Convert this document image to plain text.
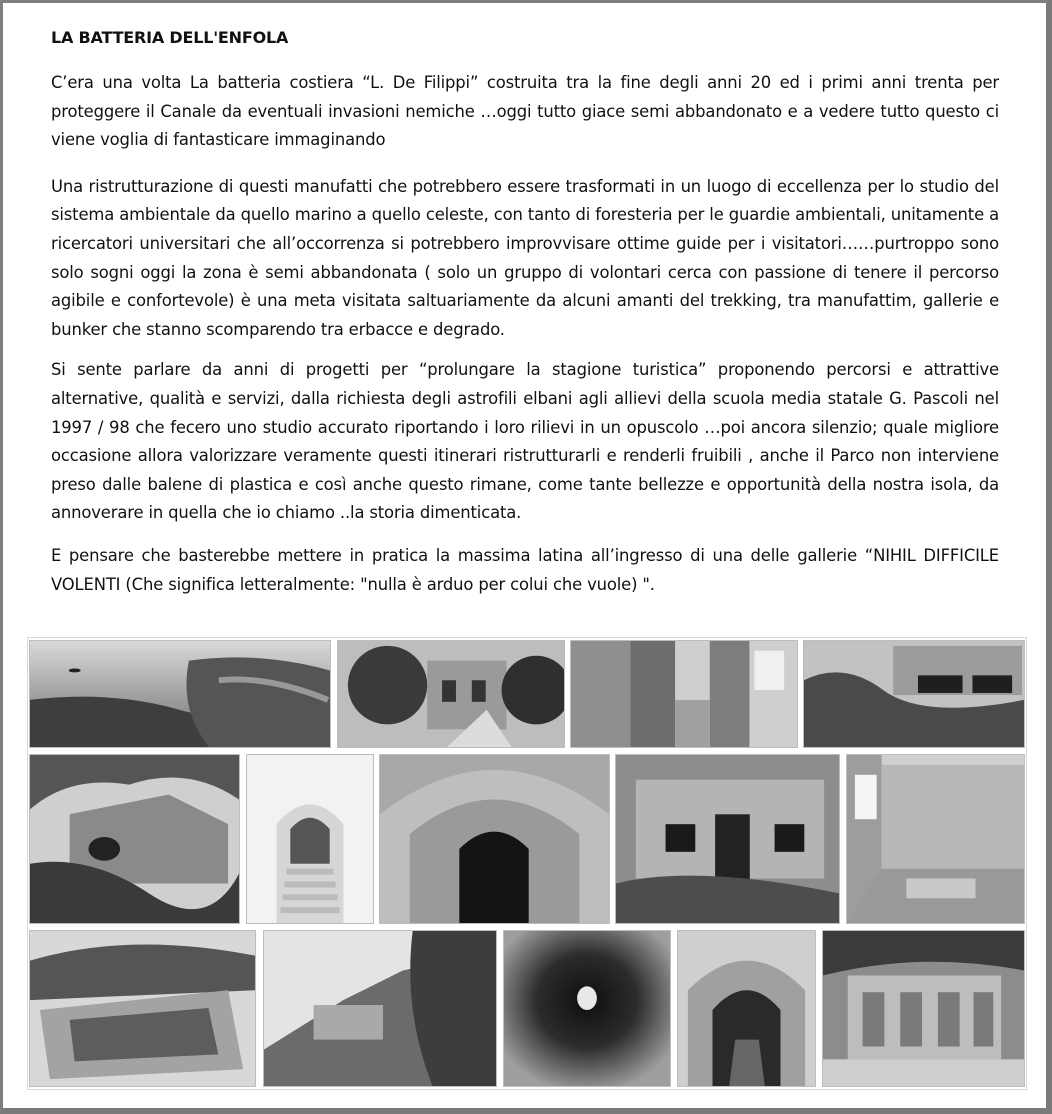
LA BATTERIA DELL'ENFOLA

C’era una volta La batteria costiera “L. De Filippi” costruita tra la fine degli anni 20 ed i primi anni trenta per proteggere il Canale da eventuali invasioni nemiche …oggi tutto giace semi abbandonato e a vedere tutto questo ci viene voglia di fantasticare immaginando

Una ristrutturazione di questi manufatti che potrebbero essere trasformati in un luogo di eccellenza per lo studio del sistema ambientale da quello marino a quello celeste, con tanto di foresteria per le guardie ambientali, unitamente a ricercatori universitari che all’occorrenza si potrebbero improvvisare ottime guide per i visitatori……purtroppo sono solo sogni oggi la zona è semi abbandonata ( solo un gruppo di volontari cerca con passione di tenere il percorso agibile e confortevole) è una meta visitata saltuariamente da alcuni amanti del trekking, tra manufattim, gallerie e bunker che stanno scomparendo tra erbacce e degrado.

Si sente parlare da anni di progetti per “prolungare la stagione turistica” proponendo percorsi e attrattive alternative, qualità e servizi, dalla richiesta degli astrofili elbani agli allievi della scuola media statale G. Pascoli nel 1997 / 98 che fecero uno studio accurato riportando i loro rilievi in un opuscolo …poi ancora silenzio; quale migliore occasione allora valorizzare veramente questi itinerari ristrutturarli e renderli fruibili , anche il Parco non interviene preso dalle balene di plastica e così anche questo rimane, come tante bellezze e opportunità della nostra isola, da annoverare in quella che io chiamo ..la storia dimenticata.

E pensare che basterebbe mettere in pratica la massima latina all’ingresso di una delle gallerie “NIHIL DIFFICILE VOLENTI (Che significa letteralmente: "nulla è arduo per colui che vuole) ".
